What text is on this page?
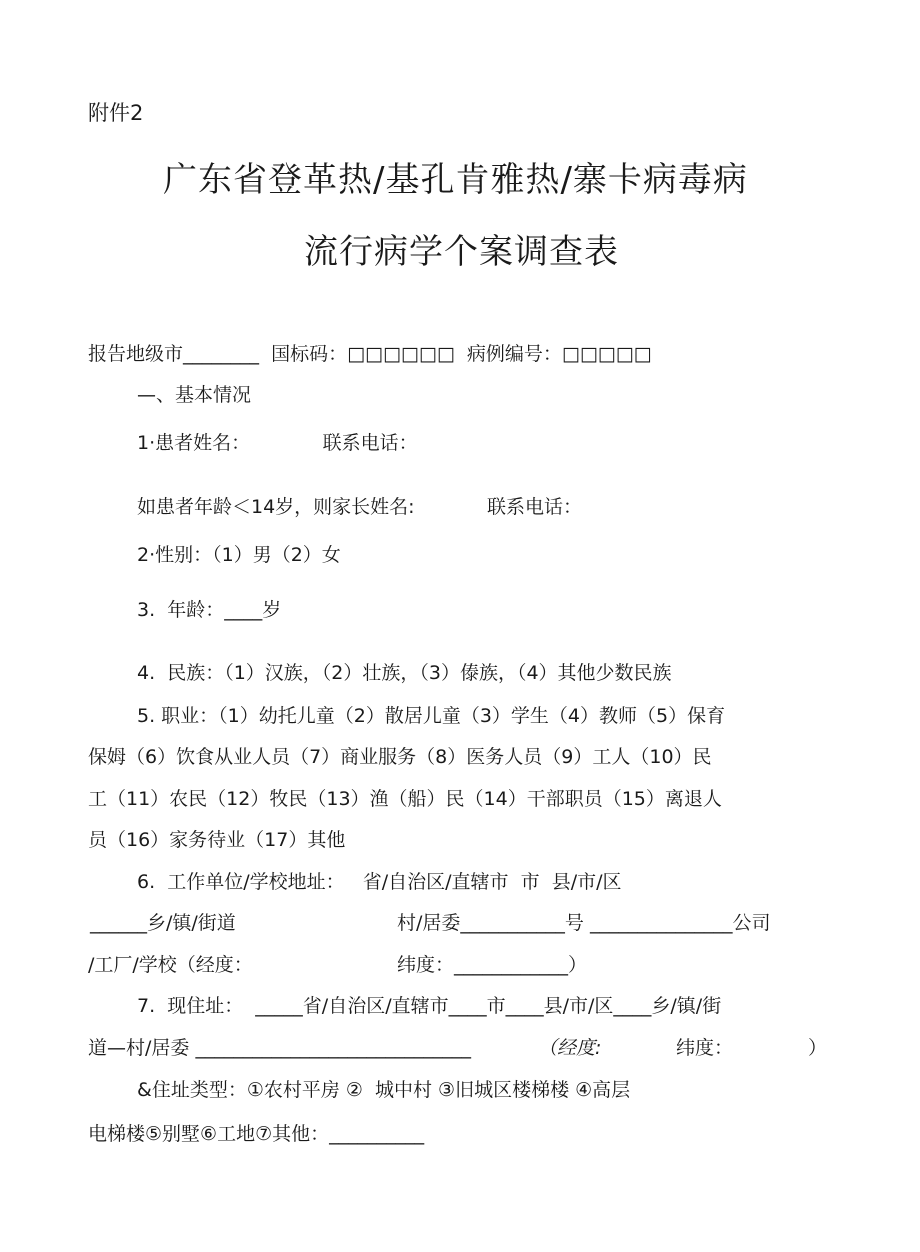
附件2
广东省登革热/基孔肯雅热/寨卡病毒病
流行病学个案调查表
报告地级市________  国标码：□□□□□□  病例编号：□□□□□
—、基本情况
1·患者姓名：            联系电话：
如患者年龄＜14岁，则家长姓名:            联系电话：
2·性别：（1）男（2）女
3.  年龄：____岁
4.  民族：（1）汉族，（2）壮族，（3）傣族，（4）其他少数民族
5. 职业：（1）幼托儿童（2）散居儿童（3）学生（4）教师（5）保育
保姆（6）饮食从业人员（7）商业服务（8）医务人员（9）工人（10）民
工（11）农民（12）牧民（13）渔（船）民（14）干部职员（15）离退人
员（16）家务待业（17）其他
6.  工作单位/学校地址：   省/自治区/直辖市  市  县/市/区
______乡/镇/街道	村/居委___________号 _______________公司
/工厂/学校（经度：	纬度：____________）
7.  现住址：  _____省/自治区/直辖市____市____县/市/区____乡/镇/街
道—村/居委 _____________________________	（经度:	纬度：	）
&住址类型：①农村平房 ②  城中村 ③旧城区楼梯楼 ④高层
电梯楼⑤别墅⑥工地⑦其他：__________
